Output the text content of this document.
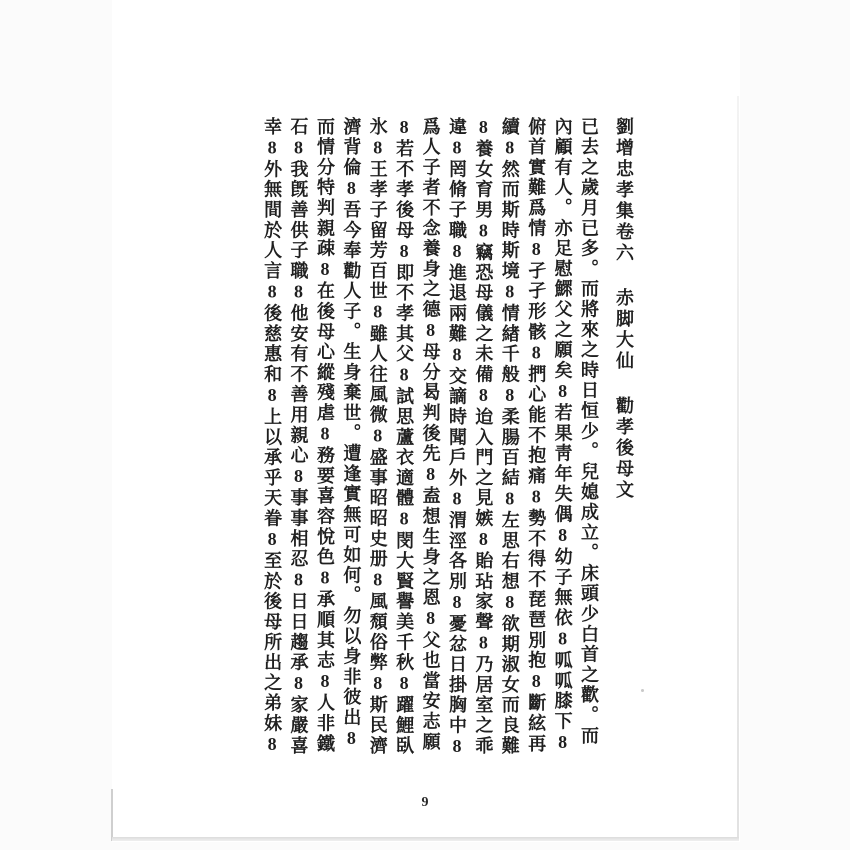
劉增忠孝集卷六赤脚大仙勸孝後母文
已去之歲月已多。而將來之時日恒少。兒媳成立。床頭少白首之歡。而
內顧有人。亦足慰鰥父之願矣8若果靑年失偶8幼子無依8呱呱膝下8
俯首實難爲情8孑孑形骸8捫心能不抱痛8勢不得不琵琶別抱8斷絃再
續8然而斯時斯境8情緖千般8柔腸百結8左思右想8欲期淑女而良難
8養女育男8竊恐母儀之未備8迨入門之見嫉8貽玷家聲8乃居室之乖
違8罔脩子職8進退兩難8交謫時聞戶外8渭涇各別8憂忿日掛胸中8
爲人子者不念養身之德8母分曷判後先8盍想生身之恩8父也當安志願
8若不孝後母8即不孝其父8試思蘆衣適體8閔大賢譽美千秋8躍鯉臥
氷8王孝子留芳百世8雖人往風微8盛事昭昭史册8風頹俗弊8斯民濟
濟背倫8吾今奉勸人子。生身棄世。遭逢實無可如何。勿以身非彼出8
而情分特判親疎8在後母心縱殘虐8務要喜容悅色8承順其志8人非鐵
石8我旣善供子職8他安有不善用親心8事事相忍8日日趨承8家嚴喜
幸8外無間於人言8後慈惠和8上以承乎天眷8至於後母所出之弟妹8
9
